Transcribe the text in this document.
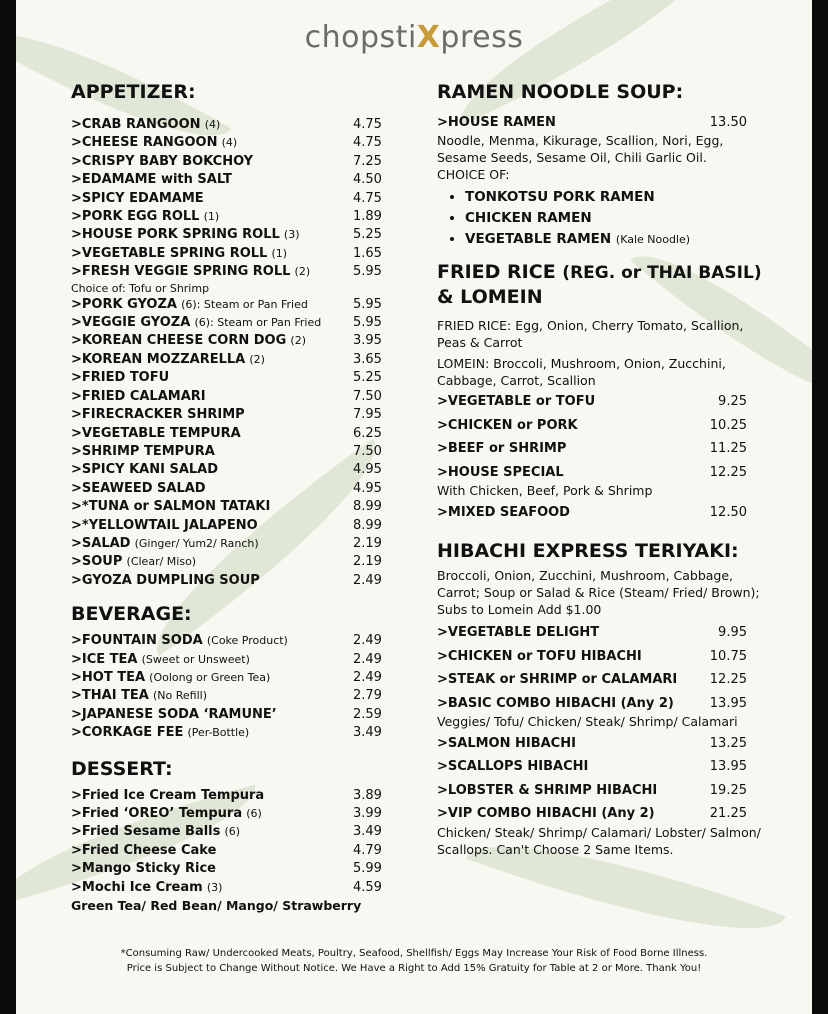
chopstiXpress
APPETIZER:
>CRAB RANGOON (4)	4.75
>CHEESE RANGOON (4)	4.75
>CRISPY BABY BOKCHOY	7.25
>EDAMAME with SALT	4.50
>SPICY EDAMAME	4.75
>PORK EGG ROLL (1)	1.89
>HOUSE PORK SPRING ROLL (3)	5.25
>VEGETABLE SPRING ROLL (1)	1.65
>FRESH VEGGIE SPRING ROLL (2)	5.95
Choice of: Tofu or Shrimp
>PORK GYOZA (6): Steam or Pan Fried	5.95
>VEGGIE GYOZA (6): Steam or Pan Fried 5.95
>KOREAN CHEESE CORN DOG (2)	3.95
>KOREAN MOZZARELLA (2)	3.65
>FRIED TOFU	5.25
>FRIED CALAMARI	7.50
>FIRECRACKER SHRIMP	7.95
>VEGETABLE TEMPURA	6.25
>SHRIMP TEMPURA	7.50
>SPICY KANI SALAD	4.95
>SEAWEED SALAD	4.95
>*TUNA or SALMON TATAKI	8.99
>*YELLOWTAIL JALAPENO	8.99
>SALAD (Ginger/ Yum2/ Ranch)	2.19
>SOUP (Clear/ Miso)	2.19
>GYOZA DUMPLING SOUP	2.49
BEVERAGE:
>FOUNTAIN SODA (Coke Product)	2.49
>ICE TEA (Sweet or Unsweet)	2.49
>HOT TEA (Oolong or Green Tea)	2.49
>THAI TEA (No Refill)	2.79
>JAPANESE SODA ‘RAMUNE’	2.59
>CORKAGE FEE (Per-Bottle)	3.49
DESSERT:
>Fried Ice Cream Tempura	3.89
>Fried ‘OREO’ Tempura (6)	3.99
>Fried Sesame Balls (6)	3.49
>Fried Cheese Cake	4.79
>Mango Sticky Rice	5.99
>Mochi Ice Cream (3)	4.59
Green Tea/ Red Bean/ Mango/ Strawberry
RAMEN NOODLE SOUP:
>HOUSE RAMEN	13.50
Noodle, Menma, Kikurage, Scallion, Nori, Egg, Sesame Seeds, Sesame Oil, Chili Garlic Oil.
CHOICE OF:
• TONKOTSU PORK RAMEN
• CHICKEN RAMEN
• VEGETABLE RAMEN (Kale Noodle)
FRIED RICE (REG. or THAI BASIL)
& LOMEIN
FRIED RICE: Egg, Onion, Cherry Tomato, Scallion, Peas & Carrot
LOMEIN: Broccoli, Mushroom, Onion, Zucchini, Cabbage, Carrot, Scallion
>VEGETABLE or TOFU	9.25
>CHICKEN or PORK	10.25
>BEEF or SHRIMP	11.25
>HOUSE SPECIAL	12.25
With Chicken, Beef, Pork & Shrimp
>MIXED SEAFOOD	12.50
HIBACHI EXPRESS TERIYAKI:
Broccoli, Onion, Zucchini, Mushroom, Cabbage, Carrot; Soup or Salad & Rice (Steam/ Fried/ Brown); Subs to Lomein Add $1.00
>VEGETABLE DELIGHT	9.95
>CHICKEN or TOFU HIBACHI	10.75
>STEAK or SHRIMP or CALAMARI	12.25
>BASIC COMBO HIBACHI (Any 2)	13.95
Veggies/ Tofu/ Chicken/ Steak/ Shrimp/ Calamari
>SALMON HIBACHI	13.25
>SCALLOPS HIBACHI	13.95
>LOBSTER & SHRIMP HIBACHI	19.25
>VIP COMBO HIBACHI (Any 2)	21.25
Chicken/ Steak/ Shrimp/ Calamari/ Lobster/ Salmon/ Scallops. Can't Choose 2 Same Items.
*Consuming Raw/ Undercooked Meats, Poultry, Seafood, Shellfish/ Eggs May Increase Your Risk of Food Borne Illness.
Price is Subject to Change Without Notice. We Have a Right to Add 15% Gratuity for Table at 2 or More. Thank You!
